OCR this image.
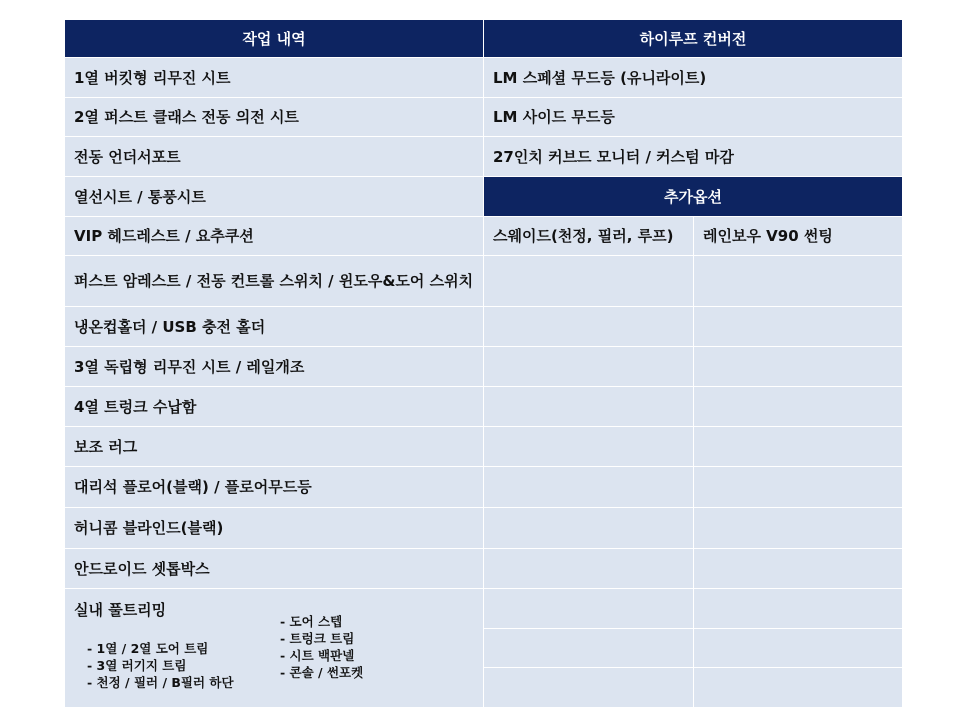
작업 내역	하이루프 컨버전
1열 버킷형 리무진 시트
2열 퍼스트 클래스 전동 의전 시트
전동 언더서포트
열선시트 / 통풍시트
VIP 헤드레스트 / 요추쿠션
퍼스트 암레스트 / 전동 컨트롤 스위치 / 윈도우&도어 스위치
냉온컵홀더 / USB 충전 홀더
3열 독립형 리무진 시트 / 레일개조
4열 트렁크 수납함
보조 러그
대리석 플로어(블랙) / 플로어무드등
허니콤 블라인드(블랙)
안드로이드 셋톱박스
실내 풀트리밍
- 1열 / 2열 도어 트림
- 3열 러기지 트림
- 천정 / 필러 / B필러 하단
- 도어 스텝
- 트렁크 트림
- 시트 백판넬
- 콘솔 / 썬포켓
LM 스페셜 무드등 (유니라이트)
LM 사이드 무드등
27인치 커브드 모니터 / 커스텀 마감
추가옵션
스웨이드(천정, 필러, 루프)	레인보우 V90 썬팅
